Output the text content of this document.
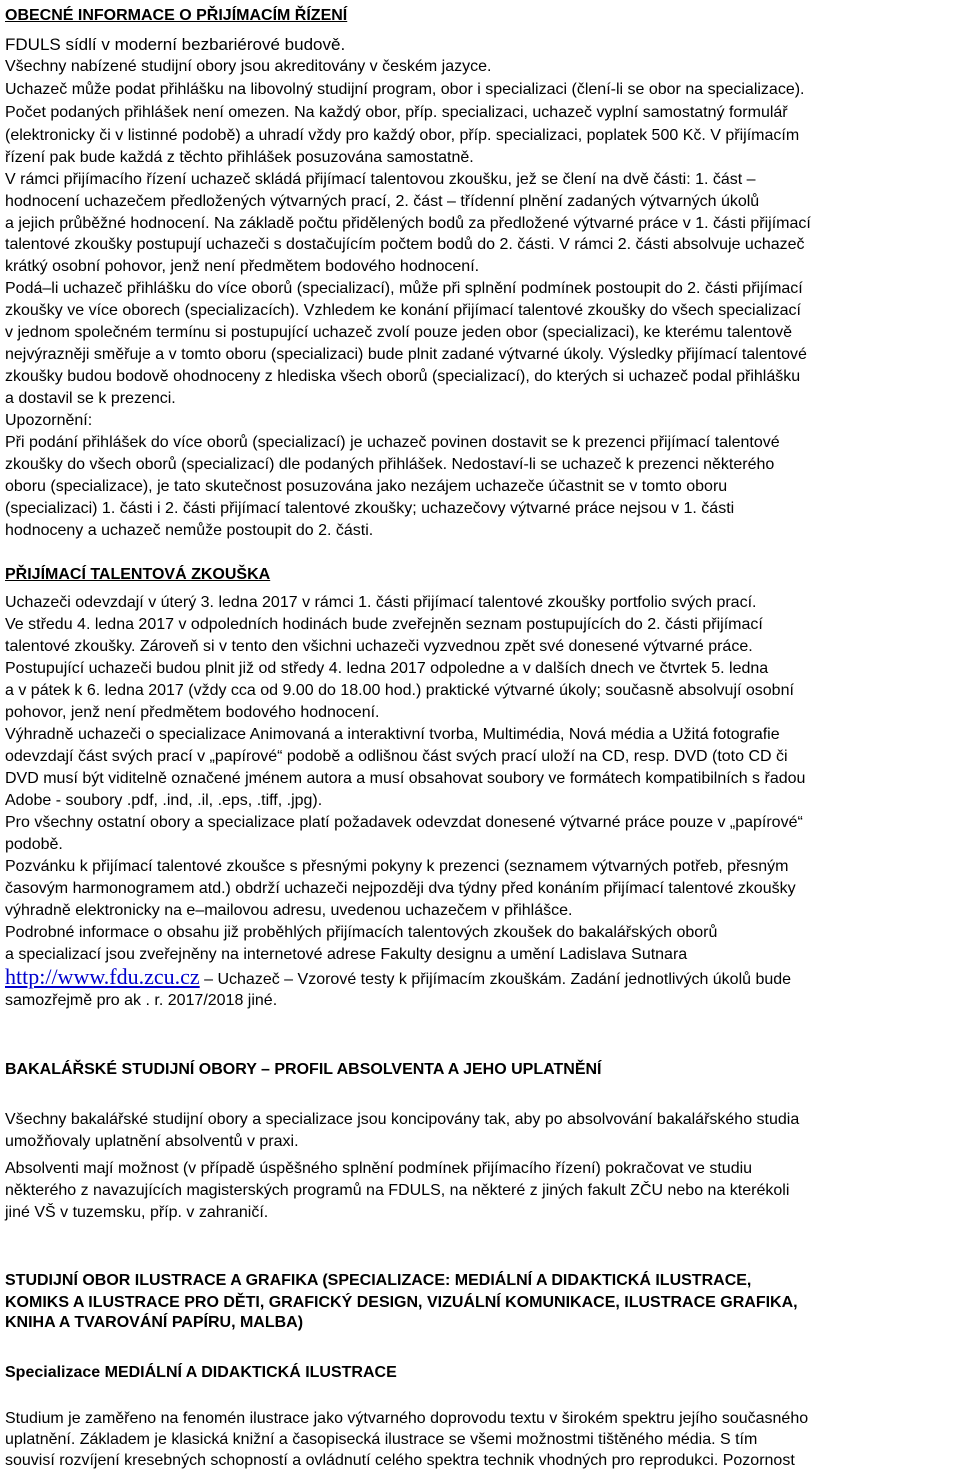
OBECNÉ INFORMACE O PŘIJÍMACÍM ŘÍZENÍ
FDULS sídlí v moderní bezbariérové budově.
Všechny nabízené studijní obory jsou akreditovány v českém jazyce.
Uchazeč může podat přihlášku na libovolný studijní program, obor i specializaci (člení-li se obor na specializace).
Počet podaných přihlášek není omezen. Na každý obor, příp. specializaci, uchazeč vyplní samostatný formulář
(elektronicky či v listinné podobě) a uhradí vždy pro každý obor, příp. specializaci, poplatek 500 Kč. V přijímacím
řízení pak bude každá z těchto přihlášek posuzována samostatně.
V rámci přijímacího řízení uchazeč skládá přijímací talentovou zkoušku, jež se člení na dvě části: 1. část –
hodnocení uchazečem předložených výtvarných prací, 2. část – třídenní plnění zadaných výtvarných úkolů
a jejich průběžné hodnocení. Na základě počtu přidělených bodů za předložené výtvarné práce v 1. části přijímací
talentové zkoušky postupují uchazeči s dostačujícím počtem bodů do 2. části. V rámci 2. části absolvuje uchazeč
krátký osobní pohovor, jenž není předmětem bodového hodnocení.
Podá–li uchazeč přihlášku do více oborů (specializací), může při splnění podmínek postoupit do 2. části přijímací
zkoušky ve více oborech (specializacích). Vzhledem ke konání přijímací talentové zkoušky do všech specializací
v jednom společném termínu si postupující uchazeč zvolí pouze jeden obor (specializaci), ke kterému talentově
nejvýrazněji směřuje a v tomto oboru (specializaci) bude plnit zadané výtvarné úkoly. Výsledky přijímací talentové
zkoušky budou bodově ohodnoceny z hlediska všech oborů (specializací), do kterých si uchazeč podal přihlášku
a dostavil se k prezenci.
Upozornění:
Při podání přihlášek do více oborů (specializací) je uchazeč povinen dostavit se k prezenci přijímací talentové
zkoušky do všech oborů (specializací) dle podaných přihlášek. Nedostaví-li se uchazeč k prezenci některého
oboru (specializace), je tato skutečnost posuzována jako nezájem uchazeče účastnit se v tomto oboru
(specializaci) 1. části i 2. části přijímací talentové zkoušky; uchazečovy výtvarné práce nejsou v 1. části
hodnoceny a uchazeč nemůže postoupit do 2. části.
PŘIJÍMACÍ TALENTOVÁ ZKOUŠKA
Uchazeči odevzdají v úterý 3. ledna 2017 v rámci 1. části přijímací talentové zkoušky portfolio svých prací.
Ve středu 4. ledna 2017 v odpoledních hodinách bude zveřejněn seznam postupujících do 2. části přijímací
talentové zkoušky. Zároveň si v tento den všichni uchazeči vyzvednou zpět své donesené výtvarné práce.
Postupující uchazeči budou plnit již od středy 4. ledna 2017 odpoledne a v dalších dnech ve čtvrtek 5. ledna
a v pátek k 6. ledna 2017 (vždy cca od 9.00 do 18.00 hod.) praktické výtvarné úkoly; současně absolvují osobní
pohovor, jenž není předmětem bodového hodnocení.
Výhradně uchazeči o specializace Animovaná a interaktivní tvorba, Multimédia, Nová média a Užitá fotografie
odevzdají část svých prací v „papírové“ podobě a odlišnou část svých prací uloží na CD, resp. DVD (toto CD či
DVD musí být viditelně označené jménem autora a musí obsahovat soubory ve formátech kompatibilních s řadou
Adobe - soubory .pdf, .ind, .il, .eps, .tiff, .jpg).
Pro všechny ostatní obory a specializace platí požadavek odevzdat donesené výtvarné práce pouze v „papírové“
podobě.
Pozvánku k přijímací talentové zkoušce s přesnými pokyny k prezenci (seznamem výtvarných potřeb, přesným
časovým harmonogramem atd.) obdrží uchazeči nejpozději dva týdny před konáním přijímací talentové zkoušky
výhradně elektronicky na e–mailovou adresu, uvedenou uchazečem v přihlášce.
Podrobné informace o obsahu již proběhlých přijímacích talentových zkoušek do bakalářských oborů
a specializací jsou zveřejněny na internetové adrese Fakulty designu a umění Ladislava Sutnara
http://www.fdu.zcu.cz – Uchazeč – Vzorové testy k přijímacím zkouškám. Zadání jednotlivých úkolů bude
samozřejmě pro ak . r. 2017/2018 jiné.
BAKALÁŘSKÉ STUDIJNÍ OBORY – PROFIL ABSOLVENTA A JEHO UPLATNĚNÍ
Všechny bakalářské studijní obory a specializace jsou koncipovány tak, aby po absolvování bakalářského studia
umožňovaly uplatnění absolventů v praxi.
Absolventi mají možnost (v případě úspěšného splnění podmínek přijímacího řízení) pokračovat ve studiu
některého z navazujících magisterských programů na FDULS, na některé z jiných fakult ZČU nebo na kterékoli
jiné VŠ v tuzemsku, příp. v zahraničí.
STUDIJNÍ OBOR ILUSTRACE A GRAFIKA (SPECIALIZACE: MEDIÁLNÍ A DIDAKTICKÁ ILUSTRACE,
KOMIKS A ILUSTRACE PRO DĚTI, GRAFICKÝ DESIGN, VIZUÁLNÍ KOMUNIKACE, ILUSTRACE GRAFIKA,
KNIHA A TVAROVÁNÍ PAPÍRU, MALBA)
Specializace MEDIÁLNÍ A DIDAKTICKÁ ILUSTRACE
Studium je zaměřeno na fenomén ilustrace jako výtvarného doprovodu textu v širokém spektru jejího současného
uplatnění. Základem je klasická knižní a časopisecká ilustrace se všemi možnostmi tištěného média. S tím
souvisí rozvíjení kresebných schopností a ovládnutí celého spektra technik vhodných pro reprodukci. Pozornost
